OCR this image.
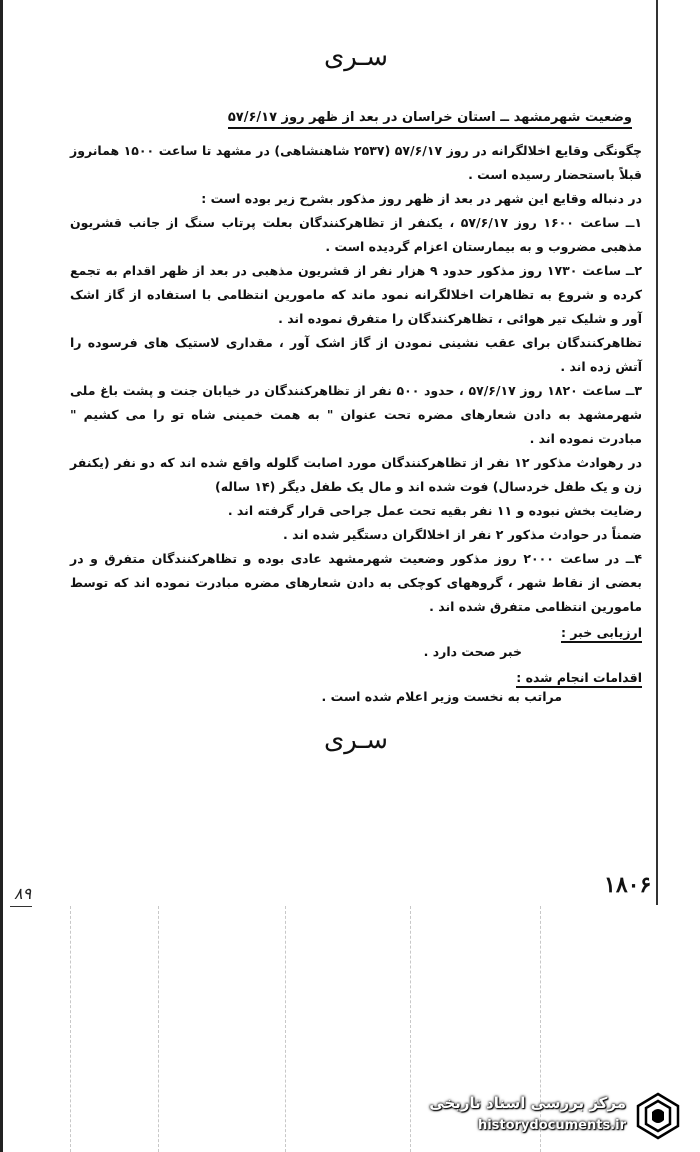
سـری
وضعیت شهرمشهد ــ استان خراسان در بعد از ظهر روز ۵۷/۶/۱۷
چگونگی وقایع اخلالگرانه در روز ۵۷/۶/۱۷ (۲۵۳۷ شاهنشاهی) در مشهد تا ساعت ۱۵۰۰ همانروز قبلاً باستحضار رسیده است .
در دنباله وقایع این شهر در بعد از ظهر روز مذکور بشرح زیر بوده است :
۱ــ ساعت ۱۶۰۰ روز ۵۷/۶/۱۷ ، یکنفر از تظاهرکنندگان بعلت پرتاب سنگ از جانب قشریون مذهبی مضروب و به بیمارستان اعزام گردیده است .
۲ــ ساعت ۱۷۳۰ روز مذکور حدود ۹ هزار نفر از قشریون مذهبی در بعد از ظهر اقدام به تجمع کرده و شروع به تظاهرات اخلالگرانه نمود ماند که مامورین انتظامی با استفاده از گاز اشک آور و شلیک تیر هوائی ، تظاهرکنندگان را متفرق نموده اند .
تظاهرکنندگان برای عقب نشینی نمودن از گاز اشک آور ، مقداری لاستیک های فرسوده را آتش زده اند .
۳ــ ساعت ۱۸۲۰ روز ۵۷/۶/۱۷ ، حدود ۵۰۰ نفر از تظاهرکنندگان در خیابان جنت و پشت باغ ملی شهرمشهد به دادن شعارهای مضره تحت عنوان " به همت خمینی شاه تو را می کشیم " مبادرت نموده اند .
در رهوادث مذکور ۱۲ نفر از تظاهرکنندگان مورد اصابت گلوله واقع شده اند که دو نفر (یکنفر زن و یک طفل خردسال) فوت شده اند و مال یک طفل دیگر (۱۴ ساله)
رضایت بخش نبوده و ۱۱ نفر بقیه تحت عمل جراحی قرار گرفته اند .
ضمناً در حوادث مذکور ۲ نفر از اخلالگران دستگیر شده اند .
۴ــ در ساعت ۲۰۰۰ روز مذکور وضعیت شهرمشهد عادی بوده و تظاهرکنندگان متفرق و در بعضی از نقاط شهر ، گروههای کوچکی به دادن شعارهای مضره مبادرت نموده اند که توسط مامورین انتظامی متفرق شده اند .
ارزیابی خبر :
خبر صحت دارد .
اقدامات انجام شده :
مراتب به نخست وزیر اعلام شده است .
سـری
۱۸۰۶
۸۹
مرکز بررسی اسناد تاریخی
historydocuments.ir
